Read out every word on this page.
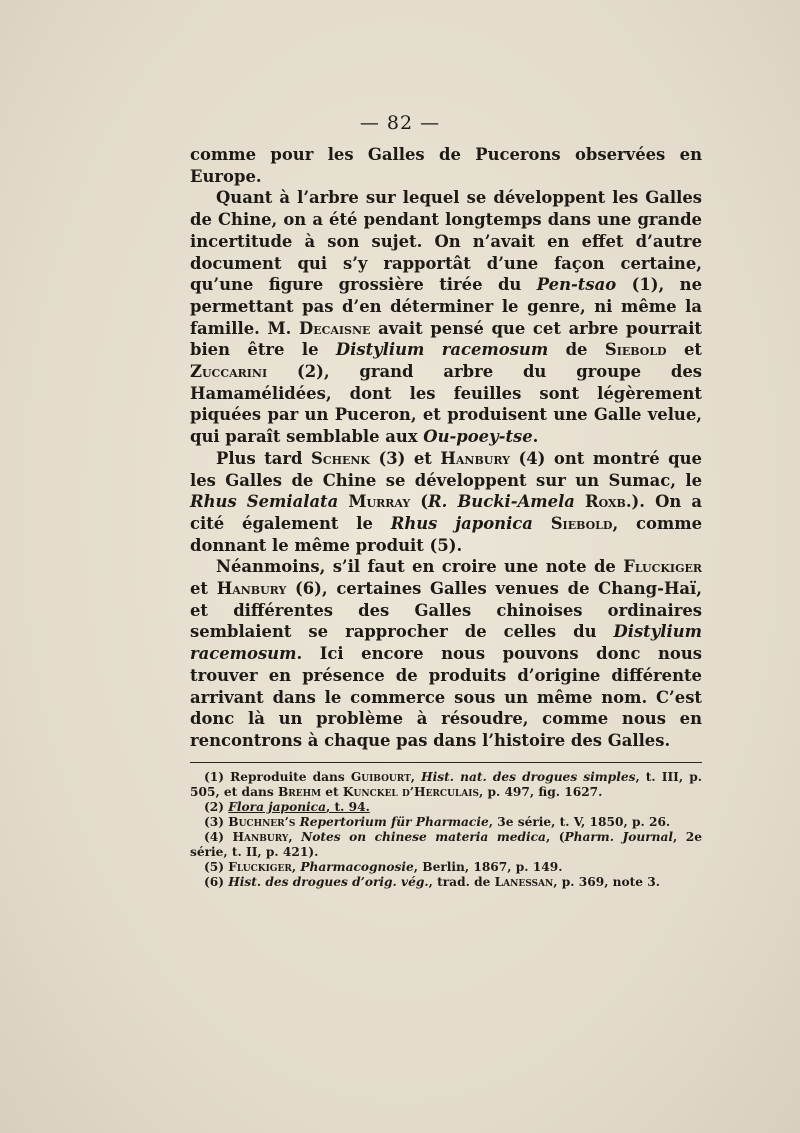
— 82 —

comme pour les Galles de Pucerons observées en Europe.

Quant à l’arbre sur lequel se développent les Galles de Chine, on a été pendant longtemps dans une grande incertitude à son sujet. On n’avait en effet d’autre document qui s’y rapportât d’une façon certaine, qu’une figure grossière tirée du Pen-tsao (1), ne permettant pas d’en déterminer le genre, ni même la famille. M. Decaisne avait pensé que cet arbre pourrait bien être le Distylium racemosum de Siebold et Zuccarini (2), grand arbre du groupe des Hamamélidées, dont les feuilles sont légèrement piquées par un Puceron, et produisent une Galle velue, qui paraît semblable aux Ou-poey-tse.

Plus tard Schenk (3) et Hanbury (4) ont montré que les Galles de Chine se développent sur un Sumac, le Rhus Semialata Murray (R. Bucki-Amela Roxb.). On a cité également le Rhus japonica Siebold, comme donnant le même produit (5).

Néanmoins, s’il faut en croire une note de Fluckiger et Hanbury (6), certaines Galles venues de Chang-Haï, et différentes des Galles chinoises ordinaires semblaient se rapprocher de celles du Distylium racemosum. Ici encore nous pouvons donc nous trouver en présence de produits d’origine différente arrivant dans le commerce sous un même nom. C’est donc là un problème à résoudre, comme nous en rencontrons à chaque pas dans l’histoire des Galles.

(1) Reproduite dans Guibourt, Hist. nat. des drogues simples, t. III, p. 505, et dans Brehm et Kunckel d’Herculais, p. 497, fig. 1627.

(2) Flora japonica, t. 94.

(3) Buchner’s Repertorium für Pharmacie, 3e série, t. V, 1850, p. 26.

(4) Hanbury, Notes on chinese materia medica, (Pharm. Journal, 2e série, t. II, p. 421).

(5) Fluckiger, Pharmacognosie, Berlin, 1867, p. 149.

(6) Hist. des drogues d’orig. vég., trad. de Lanessan, p. 369, note 3.
